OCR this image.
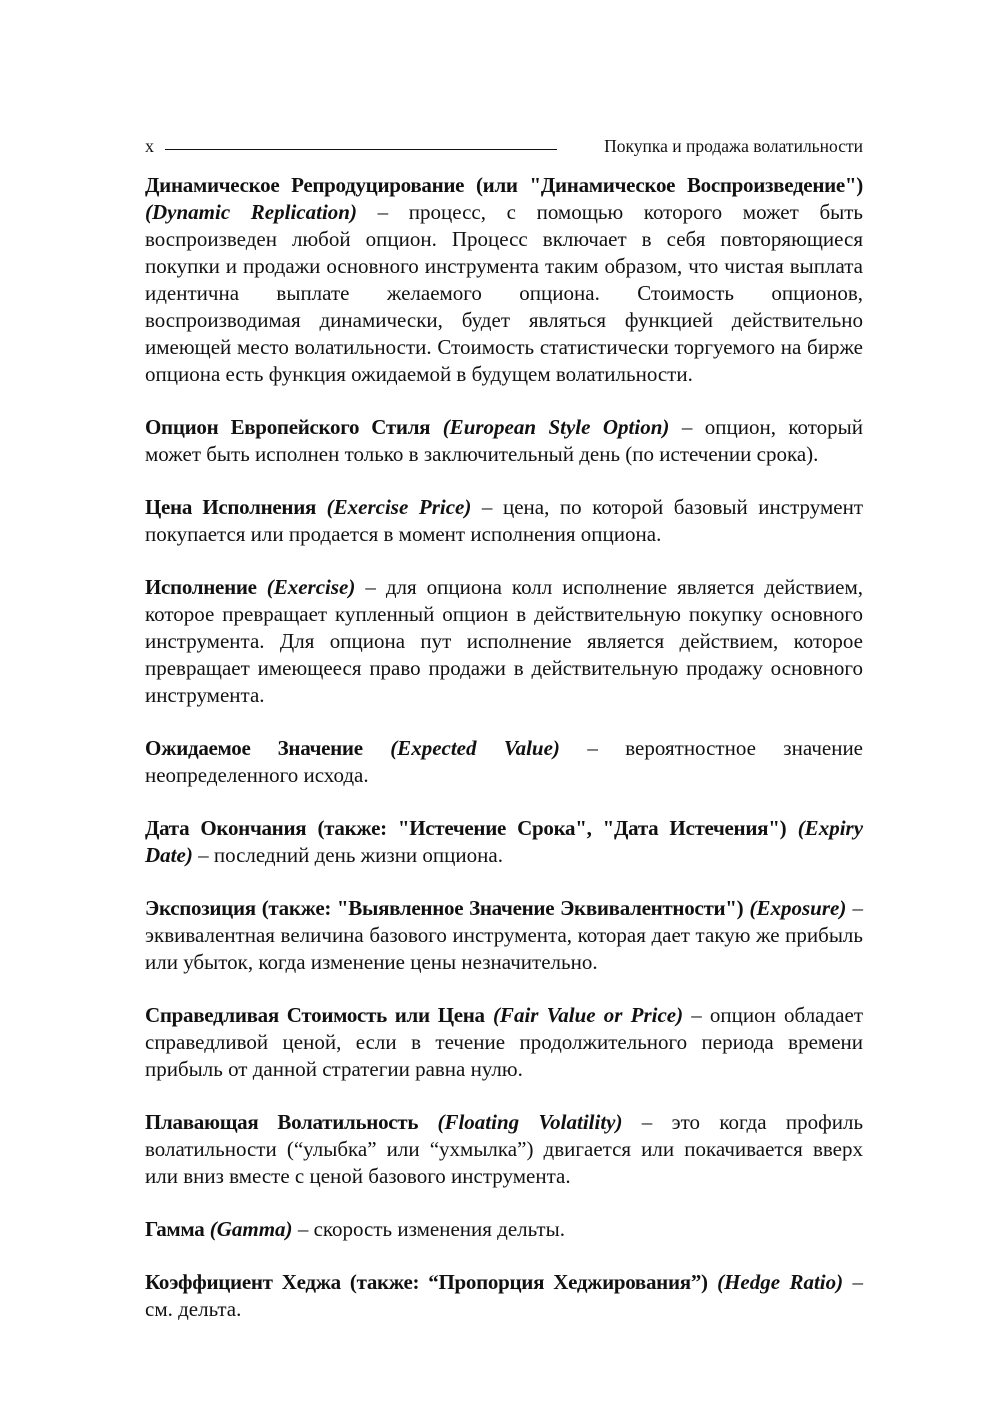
x	Покупка и продажа волатильности

Динамическое Репродуцирование (или "Динамическое Воспроизведение") (Dynamic Replication) – процесс, с помощью которого может быть воспроизведен любой опцион. Процесс включает в себя повторяющиеся покупки и продажи основного инструмента таким образом, что чистая выплата идентична выплате желаемого опциона. Стоимость опционов, воспроизводимая динамически, будет являться функцией действительно имеющей место волатильности. Стоимость статистически торгуемого на бирже опциона есть функция ожидаемой в будущем волатильности.

Опцион Европейского Стиля (European Style Option) – опцион, который может быть исполнен только в заключительный день (по истечении срока).

Цена Исполнения (Exercise Price) – цена, по которой базовый инструмент покупается или продается в момент исполнения опциона.

Исполнение (Exercise) – для опциона колл исполнение является действием, которое превращает купленный опцион в действительную покупку основного инструмента. Для опциона пут исполнение является действием, которое превращает имеющееся право продажи в действительную продажу основного инструмента.

Ожидаемое Значение (Expected Value) – вероятностное значение неопределенного исхода.

Дата Окончания (также: "Истечение Срока", "Дата Истечения") (Expiry Date) – последний день жизни опциона.

Экспозиция (также: "Выявленное Значение Эквивалентности") (Exposure) – эквивалентная величина базового инструмента, которая дает такую же прибыль или убыток, когда изменение цены незначительно.

Справедливая Стоимость или Цена (Fair Value or Price) – опцион обладает справедливой ценой, если в течение продолжительного периода времени прибыль от данной стратегии равна нулю.

Плавающая Волатильность (Floating Volatility) – это когда профиль волатильности (“улыбка” или “ухмылка”) двигается или покачивается вверх или вниз вместе с ценой базового инструмента.

Гамма (Gamma) – скорость изменения дельты.

Коэффициент Хеджа (также: “Пропорция Хеджирования”) (Hedge Ratio) – см. дельта.
